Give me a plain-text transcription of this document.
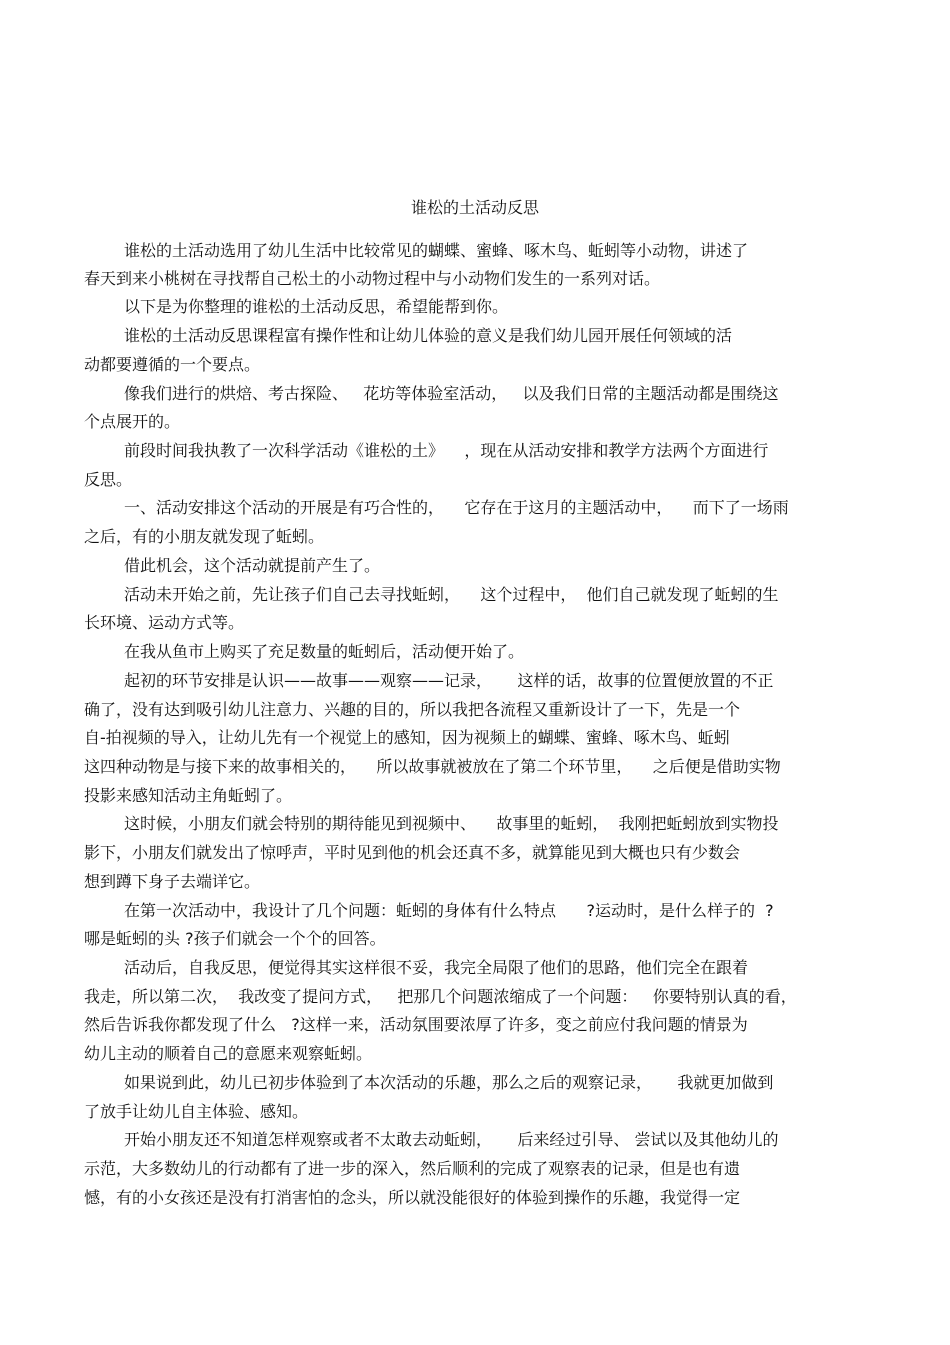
谁松的土活动反思
谁松的土活动选用了幼儿生活中比较常见的蝴蝶、蜜蜂、啄木鸟、蚯蚓等小动物，讲述了
春天到来小桃树在寻找帮自己松土的小动物过程中与小动物们发生的一系列对话。
以下是为你整理的谁松的土活动反思，希望能帮到你。
谁松的土活动反思课程富有操作性和让幼儿体验的意义是我们幼儿园开展任何领域的活
动都要遵循的一个要点。
像我们进行的烘焙、考古探险、   花坊等体验室活动，   以及我们日常的主题活动都是围绕这
个点展开的。
前段时间我执教了一次科学活动《谁松的土》    ，现在从活动安排和教学方法两个方面进行
反思。
一、活动安排这个活动的开展是有巧合性的，    它存在于这月的主题活动中，    而下了一场雨
之后，有的小朋友就发现了蚯蚓。
借此机会，这个活动就提前产生了。
活动未开始之前，先让孩子们自己去寻找蚯蚓，    这个过程中，  他们自己就发现了蚯蚓的生
长环境、运动方式等。
在我从鱼市上购买了充足数量的蚯蚓后，活动便开始了。
起初的环节安排是认识——故事——观察——记录，     这样的话，故事的位置便放置的不正
确了，没有达到吸引幼儿注意力、兴趣的目的，所以我把各流程又重新设计了一下，先是一个
自-拍视频的导入，让幼儿先有一个视觉上的感知，因为视频上的蝴蝶、蜜蜂、啄木鸟、蚯蚓
这四种动物是与接下来的故事相关的，    所以故事就被放在了第二个环节里，    之后便是借助实物
投影来感知活动主角蚯蚓了。
这时候，小朋友们就会特别的期待能见到视频中、    故事里的蚯蚓，  我刚把蚯蚓放到实物投
影下，小朋友们就发出了惊呼声，平时见到他的机会还真不多，就算能见到大概也只有少数会
想到蹲下身子去端详它。
在第一次活动中，我设计了几个问题：蚯蚓的身体有什么特点      ?运动时，是什么样子的  ?
哪是蚯蚓的头 ?孩子们就会一个个的回答。
活动后，自我反思，便觉得其实这样很不妥，我完全局限了他们的思路，他们完全在跟着
我走，所以第二次，  我改变了提问方式，   把那几个问题浓缩成了一个问题：   你要特别认真的看，
然后告诉我你都发现了什么   ?这样一来，活动氛围要浓厚了许多，变之前应付我问题的情景为
幼儿主动的顺着自己的意愿来观察蚯蚓。
如果说到此，幼儿已初步体验到了本次活动的乐趣，那么之后的观察记录，     我就更加做到
了放手让幼儿自主体验、感知。
开始小朋友还不知道怎样观察或者不太敢去动蚯蚓，     后来经过引导、 尝试以及其他幼儿的
示范，大多数幼儿的行动都有了进一步的深入，然后顺利的完成了观察表的记录，但是也有遗
憾，有的小女孩还是没有打消害怕的念头，所以就没能很好的体验到操作的乐趣，我觉得一定
